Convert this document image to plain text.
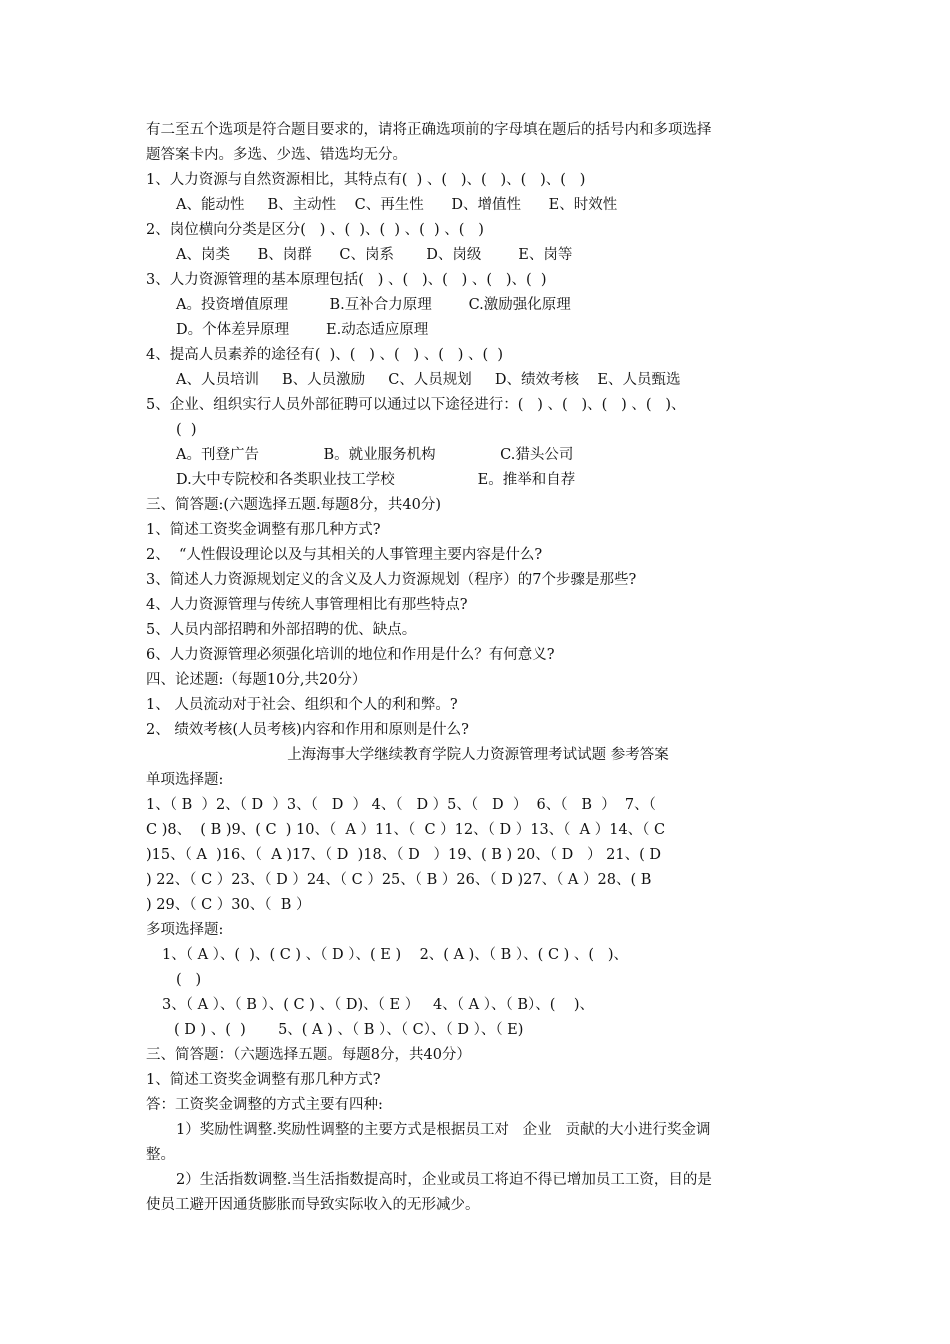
有二至五个选项是符合题目要求的，请将正确选项前的字母填在题后的括号内和多项选择
题答案卡内。多选、少选、错选均无分。
1、人力资源与自然资源相比，其特点有(  ) 、(   )、(   )、(   )、(   )
A、能动性     B、主动性    C、再生性      D、增值性      E、时效性
2、岗位横向分类是区分(   ) 、(  )、(  ) 、(  ) 、(   )
A、岗类      B、岗群      C、岗系       D、岗级        E、岗等
3、人力资源管理的基本原理包括(   ) 、(   )、(   ) 、(   )、(  )
A。投资增值原理         B.互补合力原理        C.激励强化原理
D。个体差异原理        E.动态适应原理
4、提高人员素养的途径有(  )、(   ) 、(   ) 、(   ) 、(  )
A、人员培训     B、人员激励     C、人员规划     D、绩效考核    E、人员甄选
5、企业、组织实行人员外部征聘可以通过以下途径进行：(   ) 、(   )、(   ) 、(   )、
(  )
A。刊登广告              B。就业服务机构              C.猎头公司
D.大中专院校和各类职业技工学校                  E。推举和自荐
三、简答题:(六题选择五题.每题8分，共40分)
1、简述工资奖金调整有那几种方式?
2、  “人性假设理论以及与其相关的人事管理主要内容是什么?
3、简述人力资源规划定义的含义及人力资源规划（程序）的7个步骤是那些?
4、人力资源管理与传统人事管理相比有那些特点?
5、人员内部招聘和外部招聘的优、缺点。
6、人力资源管理必须强化培训的地位和作用是什么？有何意义?
四、论述题:（每题10分,共20分）
1、 人员流动对于社会、组织和个人的利和弊。?
2、 绩效考核(人员考核)内容和作用和原则是什么?
上海海事大学继续教育学院人力资源管理考试试题 参考答案
单项选择题:
1、（ B  ）2、（ D  ）3、（   D  ） 4、（   D ）5、（   D  ）  6、（   B  ）  7、（
C )8、  ( B )9、( C  ) 10、（  A ）11、（  C ）12、（ D ）13、（  A ）14、（ C
)15、（ A  )16、（  A )17、（ D  )18、（ D   ）19、( B ) 20、（ D   ） 21、( D
) 22、（ C ）23、（ D ）24、（ C ）25、（ B ）26、（ D )27、（ A ）28、( B
) 29、（ C ）30、（  B ）
多项选择题:
1、（ A ）、(  )、( C ) 、（ D ）、( E )    2、( A )、（ B ）、( C ) 、(   )、
(   )
3、（ A ）、（ B ）、( C ) 、（ D)、（ E ）   4、（ A ）、（ B）、(    )、
( D ) 、(  )       5、( A ) 、（ B ）、（ C）、（ D ）、（ E)
三、简答题：（六题选择五题。每题8分，共40分）
1、简述工资奖金调整有那几种方式?
答：工资奖金调整的方式主要有四种:
1）奖励性调整.奖励性调整的主要方式是根据员工对   企业   贡献的大小进行奖金调
整。
2）生活指数调整.当生活指数提高时，企业或员工将迫不得已增加员工工资，目的是
使员工避开因通货膨胀而导致实际收入的无形减少。
